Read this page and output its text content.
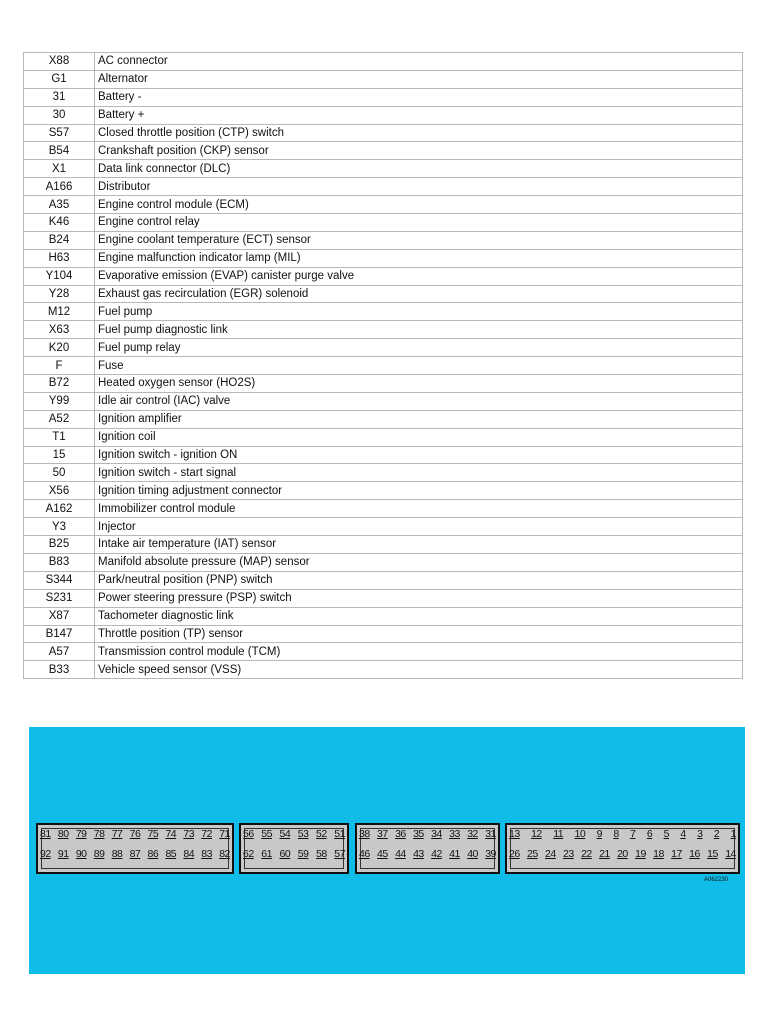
X88	AC connector
G1	Alternator
31	Battery -
30	Battery +
S57	Closed throttle position (CTP) switch
B54	Crankshaft position (CKP) sensor
X1	Data link connector (DLC)
A166	Distributor
A35	Engine control module (ECM)
K46	Engine control relay
B24	Engine coolant temperature (ECT) sensor
H63	Engine malfunction indicator lamp (MIL)
Y104	Evaporative emission (EVAP) canister purge valve
Y28	Exhaust gas recirculation (EGR) solenoid
M12	Fuel pump
X63	Fuel pump diagnostic link
K20	Fuel pump relay
F	Fuse
B72	Heated oxygen sensor (HO2S)
Y99	Idle air control (IAC) valve
A52	Ignition amplifier
T1	Ignition coil
15	Ignition switch - ignition ON
50	Ignition switch - start signal
X56	Ignition timing adjustment connector
A162	Immobilizer control module
Y3	Injector
B25	Intake air temperature (IAT) sensor
B83	Manifold absolute pressure (MAP) sensor
S344	Park/neutral position (PNP) switch
S231	Power steering pressure (PSP) switch
X87	Tachometer diagnostic link
B147	Throttle position (TP) sensor
A57	Transmission control module (TCM)
B33	Vehicle speed sensor (VSS)
81 80 79 78 77 76 75 74 73 72 71
92 91 90 89 88 87 86 85 84 83 82
56 55 54 53 52 51
62 61 60 59 58 57
38 37 36 35 34 33 32 31
46 45 44 43 42 41 40 39
13 12 11 10 9 8 7 6 5 4 3 2 1
26 25 24 23 22 21 20 19 18 17 16 15 14
A062230
